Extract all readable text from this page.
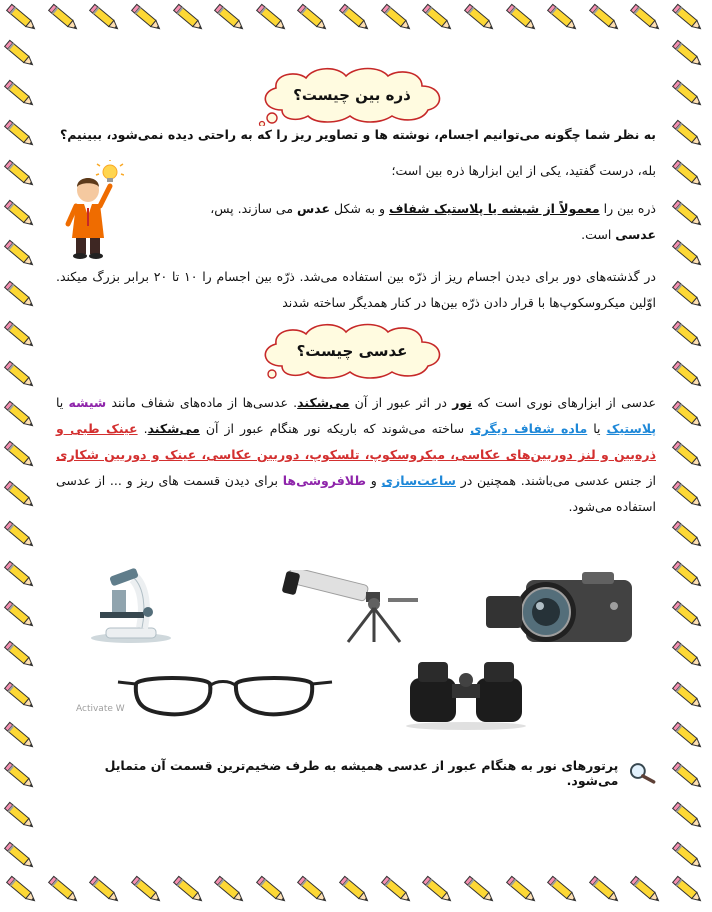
ذره بین چیست؟
به نظر شما چگونه می‌توانیم اجسام، نوشته ها و تصاویر ریز را که به راحتی دیده نمی‌شود، ببینیم؟
بله، درست گفتید، یکی از این ابزارها ذره بین است؛
ذره بین را معمولاً از شیشه یا پلاستیک شفاف و به شکل عدس می سازند. پس،
عدسی است.
در گذشته‌های دور برای دیدن اجسام ریز از ذرّه بین استفاده می‌شد. ذرّه بین اجسام را ۱۰ تا ۲۰ برابر بزرگ میکند. اوّلین میکروسکوپ‌ها با قرار دادن ذرّه بین‌ها در کنار همدیگر ساخته شدند
عدسی چیست؟
عدسی از ابزارهای نوری است که نور در اثر عبور از آن می‌شکند. عدسی‌ها از ماده‌های شفاف مانند شیشه یا پلاستیک یا ماده شفاف دیگری ساخته می‌شوند که باریکه نور هنگام عبور از آن می‌شکند. عینک طبی و ذره‌بین و لنز دوربین‌های عکاسی، میکروسکوپ، تلسکوپ، دوربین عکاسی، عینک و دوربین شکاری از جنس عدسی می‌باشند. همچنین در ساعت‌سازی و طلافروشی‌ها برای دیدن قسمت های ریز و ... از عدسی استفاده می‌شود.
Activate W
پرتورهای نور به هنگام عبور از عدسی همیشه به طرف ضخیم‌ترین قسمت آن متمایل می‌شود.
